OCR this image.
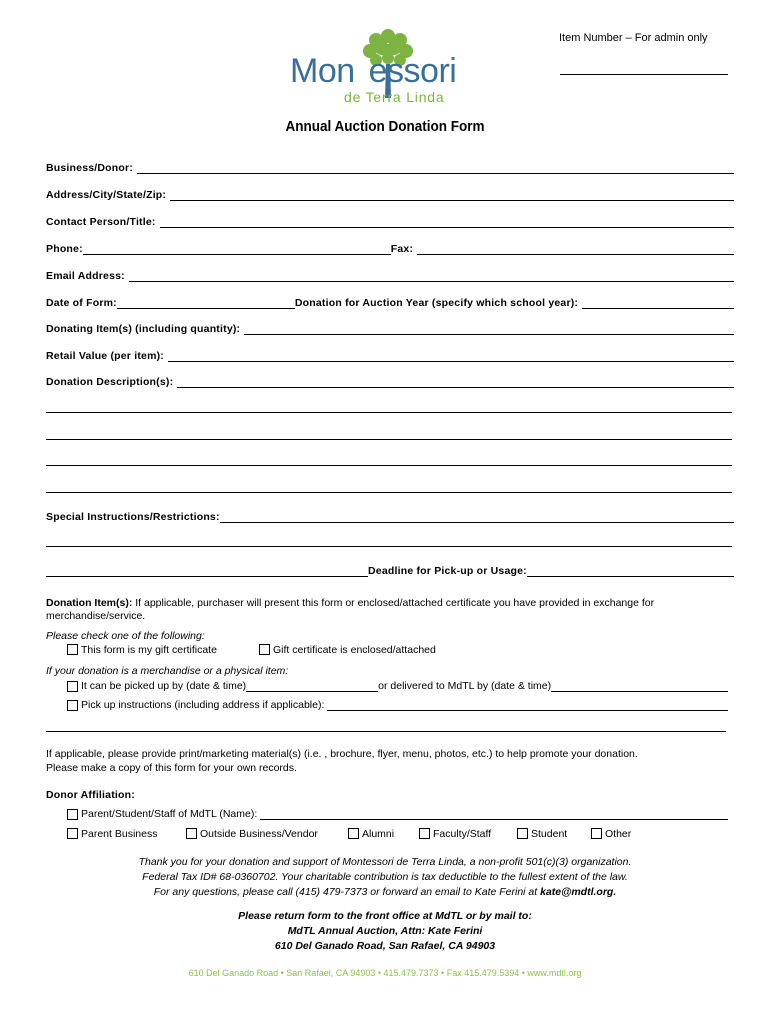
Item Number – For admin only
Mon essori
de Terra Linda
Annual Auction Donation Form
Business/Donor:
Address/City/State/Zip:
Contact Person/Title:
Phone:	Fax:
Email Address:
Date of Form:	Donation for Auction Year (specify which school year):
Donating Item(s) (including quantity):
Retail Value (per item):
Donation Description(s):
Special Instructions/Restrictions:
Deadline for Pick-up or Usage:
Donation Item(s): If applicable, purchaser will present this form or enclosed/attached certificate you have provided in exchange for merchandise/service.
Please check one of the following:
This form is my gift certificate	Gift certificate is enclosed/attached
If your donation is a merchandise or a physical item:
It can be picked up by (date & time)	or delivered to MdTL by (date & time)
Pick up instructions (including address if applicable):
If applicable, please provide print/marketing material(s) (i.e. , brochure, flyer, menu, photos, etc.) to help promote your donation.
Please make a copy of this form for your own records.
Donor Affiliation:
Parent/Student/Staff of MdTL (Name):
Parent Business	Outside Business/Vendor	Alumni	Faculty/Staff	Student	Other
Thank you for your donation and support of Montessori de Terra Linda, a non-profit 501(c)(3) organization.
Federal Tax ID# 68-0360702. Your charitable contribution is tax deductible to the fullest extent of the law.
For any questions, please call (415) 479-7373 or forward an email to Kate Ferini at kate@mdtl.org.
Please return form to the front office at MdTL or by mail to:
MdTL Annual Auction, Attn: Kate Ferini
610 Del Ganado Road, San Rafael, CA 94903
610 Del Ganado Road • San Rafael, CA 94903 • 415.479.7373 • Fax 415.479.5394 • www.mdtl.org
